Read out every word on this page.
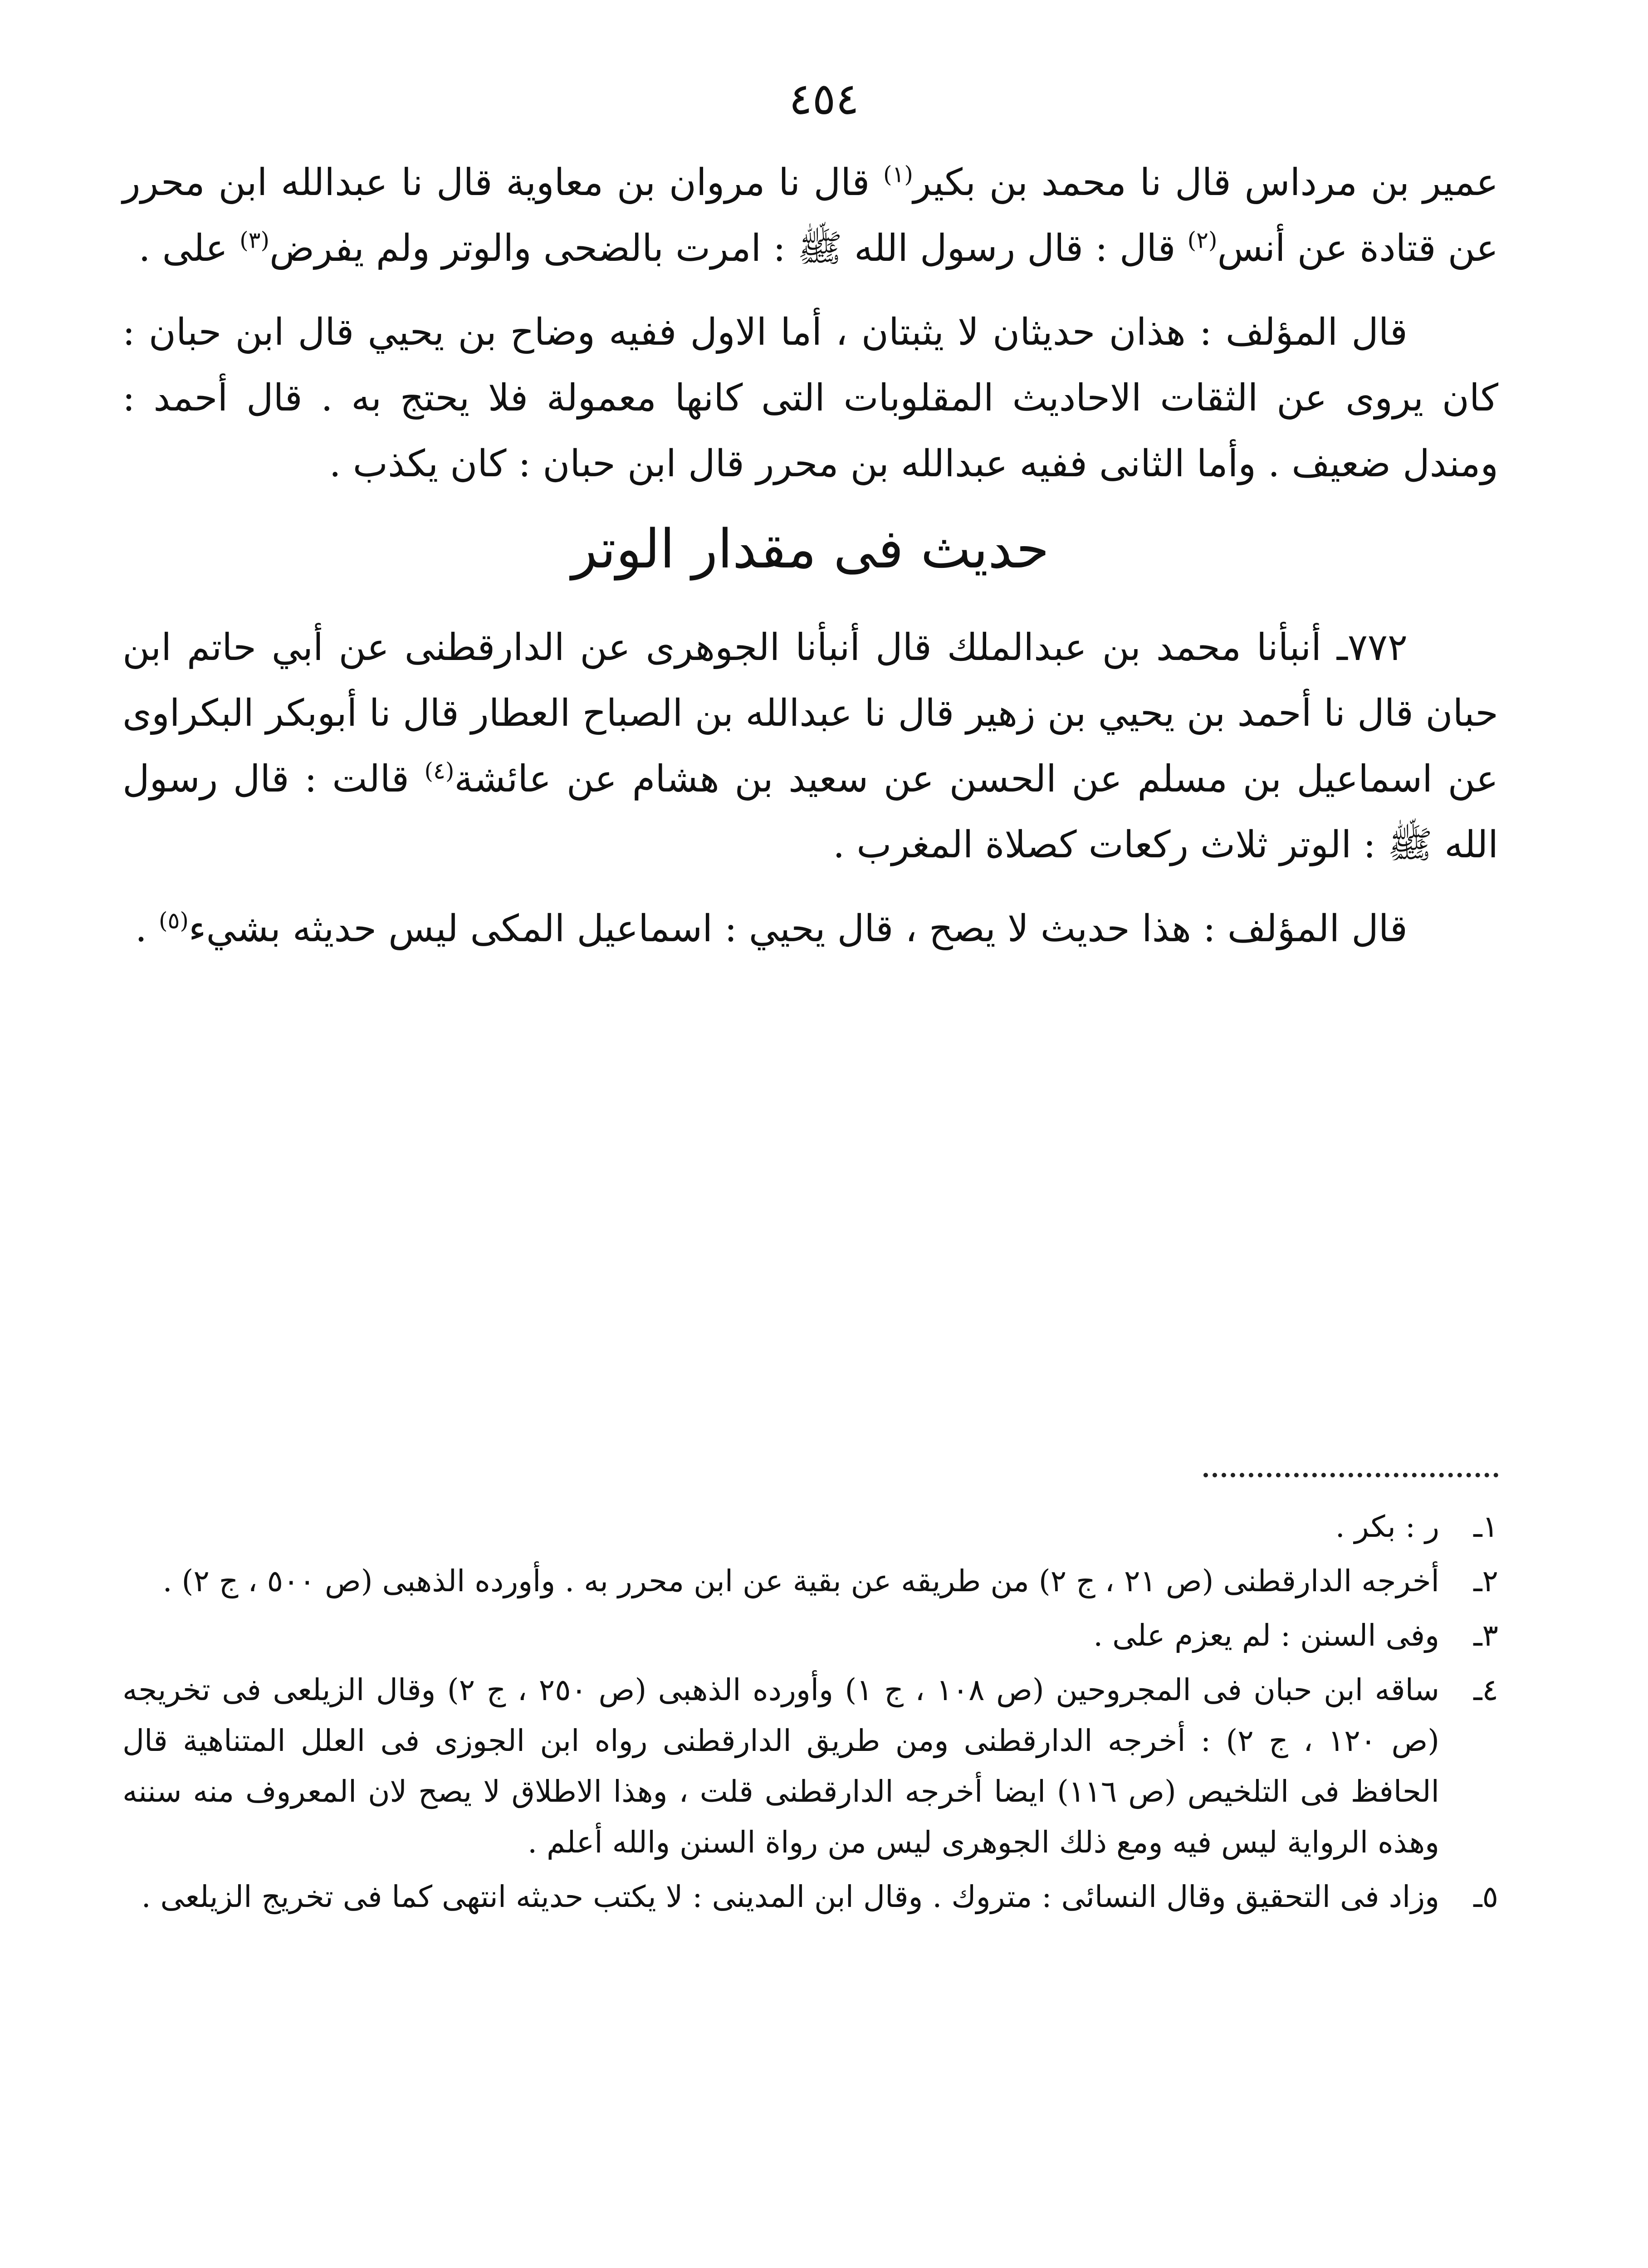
٤٥٤

عمير بن مرداس قال نا محمد بن بكير$^{(١)}$ قال نا مروان بن معاوية قال نا عبدالله ابن محرر عن قتادة عن أنس$^{(٢)}$ قال : قال رسول الله ﷺ : امرت بالضحى والوتر ولم يفرض$^{(٣)}$ على .

قال المؤلف : هذان حديثان لا يثبتان ، أما الاول ففيه وضاح بن يحيي قال ابن حبان : كان يروى عن الثقات الاحاديث المقلوبات التى كانها معمولة فلا يحتج به . قال أحمد : ومندل ضعيف . وأما الثانى ففيه عبدالله بن محرر قال ابن حبان : كان يكذب .

حديث فى مقدار الوتر

٧٧٢ـ أنبأنا محمد بن عبدالملك قال أنبأنا الجوهرى عن الدارقطنى عن أبي حاتم ابن حبان قال نا أحمد بن يحيي بن زهير قال نا عبدالله بن الصباح العطار قال نا أبوبكر البكراوى عن اسماعيل بن مسلم عن الحسن عن سعيد بن هشام عن عائشة$^{(٤)}$ قالت : قال رسول الله ﷺ : الوتر ثلاث ركعات كصلاة المغرب .

قال المؤلف : هذا حديث لا يصح ، قال يحيي : اسماعيل المكى ليس حديثه بشيء$^{(٥)}$ .

١ـ
ر : بكر .
٢ـ
أخرجه الدارقطنى (ص ٢١ ، ج ٢) من طريقه عن بقية عن ابن محرر به . وأورده الذهبى (ص ٥٠٠ ، ج ٢) .
٣ـ
وفى السنن : لم يعزم على .
٤ـ
ساقه ابن حبان فى المجروحين (ص ١٠٨ ، ج ١) وأورده الذهبى (ص ٢٥٠ ، ج ٢) وقال الزيلعى فى تخريجه (ص ١٢٠ ، ج ٢) : أخرجه الدارقطنى ومن طريق الدارقطنى رواه ابن الجوزى فى العلل المتناهية قال الحافظ فى التلخيص (ص ١١٦) ايضا أخرجه الدارقطنى قلت ، وهذا الاطلاق لا يصح لان المعروف منه سننه وهذه الرواية ليس فيه ومع ذلك الجوهرى ليس من رواة السنن والله أعلم .
٥ـ
وزاد فى التحقيق وقال النسائى : متروك . وقال ابن المدينى : لا يكتب حديثه انتهى كما فى تخريج الزيلعى .
